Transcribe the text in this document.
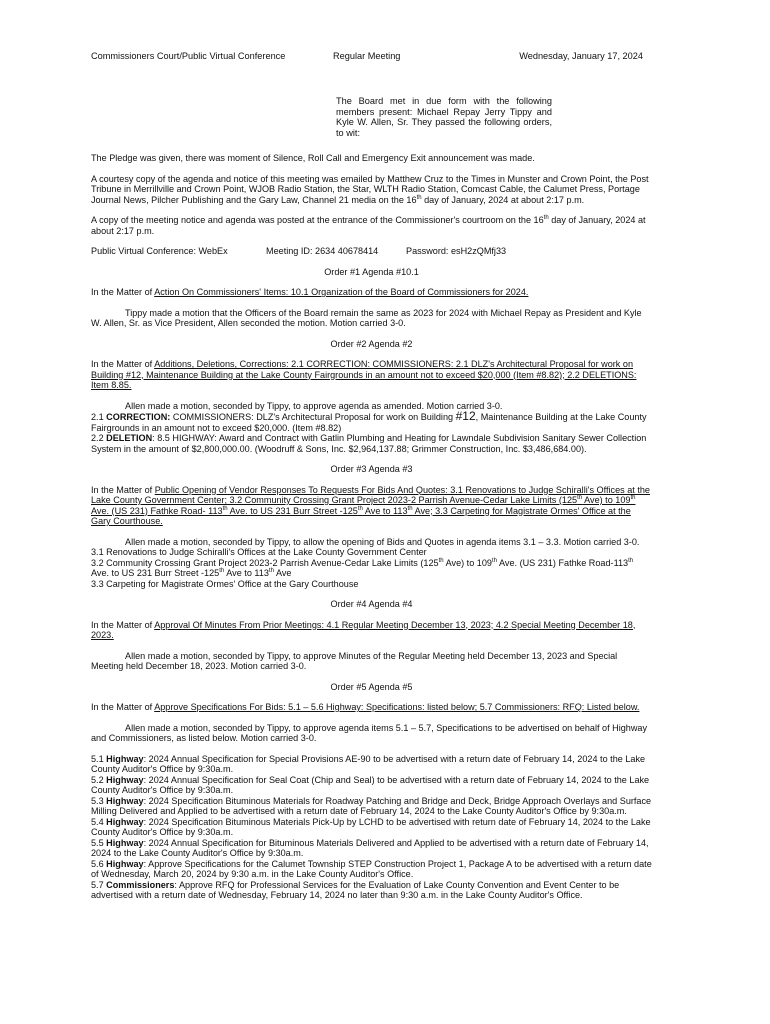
Commissioners Court/Public Virtual Conference	Regular Meeting	Wednesday, January 17, 2024
The Board met in due form with the following members present: Michael Repay Jerry Tippy and Kyle W. Allen, Sr. They passed the following orders, to wit:

The Pledge was given, there was moment of Silence, Roll Call and Emergency Exit announcement was made.

A courtesy copy of the agenda and notice of this meeting was emailed by Matthew Cruz to the Times in Munster and Crown Point, the Post Tribune in Merrillville and Crown Point, WJOB Radio Station, the Star, WLTH Radio Station, Comcast Cable, the Calumet Press, Portage Journal News, Pilcher Publishing and the Gary Law, Channel 21 media on the 16th day of January, 2024 at about 2:17 p.m.

A copy of the meeting notice and agenda was posted at the entrance of the Commissioner's courtroom on the 16th day of January, 2024 at about 2:17 p.m.

Public Virtual Conference: WebEx	Meeting ID: 2634 40678414	Password: esH2zQMfj33

Order #1 Agenda #10.1

In the Matter of Action On Commissioners' Items: 10.1 Organization of the Board of Commissioners for 2024.

Tippy made a motion that the Officers of the Board remain the same as 2023 for 2024 with Michael Repay as President and Kyle W. Allen, Sr. as Vice President, Allen seconded the motion. Motion carried 3-0.

Order #2 Agenda #2

In the Matter of Additions, Deletions, Corrections: 2.1 CORRECTION: COMMISSIONERS: 2.1 DLZ's Architectural Proposal for work on Building #12, Maintenance Building at the Lake County Fairgrounds in an amount not to exceed $20,000 (Item #8.82); 2.2 DELETIONS: Item 8.85.

Allen made a motion, seconded by Tippy, to approve agenda as amended. Motion carried 3-0.

2.1 CORRECTION: COMMISSIONERS: DLZ's Architectural Proposal for work on Building #12, Maintenance Building at the Lake County Fairgrounds in an amount not to exceed $20,000. (Item #8.82)

2.2 DELETION: 8.5 HIGHWAY: Award and Contract with Gatlin Plumbing and Heating for Lawndale Subdivision Sanitary Sewer Collection System in the amount of $2,800,000.00. (Woodruff & Sons, Inc. $2,964,137.88; Grimmer Construction, Inc. $3,486,684.00).

Order #3 Agenda #3

In the Matter of Public Opening of Vendor Responses To Requests For Bids And Quotes: 3.1 Renovations to Judge Schiralli's Offices at the Lake County Government Center; 3.2 Community Crossing Grant Project 2023-2 Parrish Avenue-Cedar Lake Limits (125th Ave) to 109th Ave. (US 231) Fathke Road- 113th Ave. to US 231 Burr Street -125th Ave to 113th Ave; 3.3 Carpeting for Magistrate Ormes' Office at the Gary Courthouse.

Allen made a motion, seconded by Tippy, to allow the opening of Bids and Quotes in agenda items 3.1 – 3.3. Motion carried 3-0.

3.1 Renovations to Judge Schiralli's Offices at the Lake County Government Center

3.2 Community Crossing Grant Project 2023-2 Parrish Avenue-Cedar Lake Limits (125th Ave) to 109th Ave. (US 231) Fathke Road-113th Ave. to US 231 Burr Street -125th Ave to 113th Ave

3.3 Carpeting for Magistrate Ormes' Office at the Gary Courthouse

Order #4 Agenda #4

In the Matter of Approval Of Minutes From Prior Meetings: 4.1 Regular Meeting December 13, 2023; 4.2 Special Meeting December 18, 2023.

Allen made a motion, seconded by Tippy, to approve Minutes of the Regular Meeting held December 13, 2023 and Special Meeting held December 18, 2023. Motion carried 3-0.

Order #5 Agenda #5

In the Matter of Approve Specifications For Bids: 5.1 – 5.6 Highway: Specifications: listed below; 5.7 Commissioners: RFQ: Listed below.

Allen made a motion, seconded by Tippy, to approve agenda items 5.1 – 5.7, Specifications to be advertised on behalf of Highway and Commissioners, as listed below. Motion carried 3-0.

5.1 Highway: 2024 Annual Specification for Special Provisions AE-90 to be advertised with a return date of February 14, 2024 to the Lake County Auditor's Office by 9:30a.m.

5.2 Highway: 2024 Annual Specification for Seal Coat (Chip and Seal) to be advertised with a return date of February 14, 2024 to the Lake County Auditor's Office by 9:30a.m.

5.3 Highway: 2024 Specification Bituminous Materials for Roadway Patching and Bridge and Deck, Bridge Approach Overlays and Surface Milling Delivered and Applied to be advertised with a return date of February 14, 2024 to the Lake County Auditor's Office by 9:30a.m.

5.4 Highway: 2024 Specification Bituminous Materials Pick-Up by LCHD to be advertised with return date of February 14, 2024 to the Lake County Auditor's Office by 9:30a.m.

5.5 Highway: 2024 Annual Specification for Bituminous Materials Delivered and Applied to be advertised with a return date of February 14, 2024 to the Lake County Auditor's Office by 9:30a.m.

5.6 Highway: Approve Specifications for the Calumet Township STEP Construction Project 1, Package A to be advertised with a return date of Wednesday, March 20, 2024 by 9:30 a.m. in the Lake County Auditor's Office.

5.7 Commissioners: Approve RFQ for Professional Services for the Evaluation of Lake County Convention and Event Center to be advertised with a return date of Wednesday, February 14, 2024 no later than 9:30 a.m. in the Lake County Auditor's Office.
